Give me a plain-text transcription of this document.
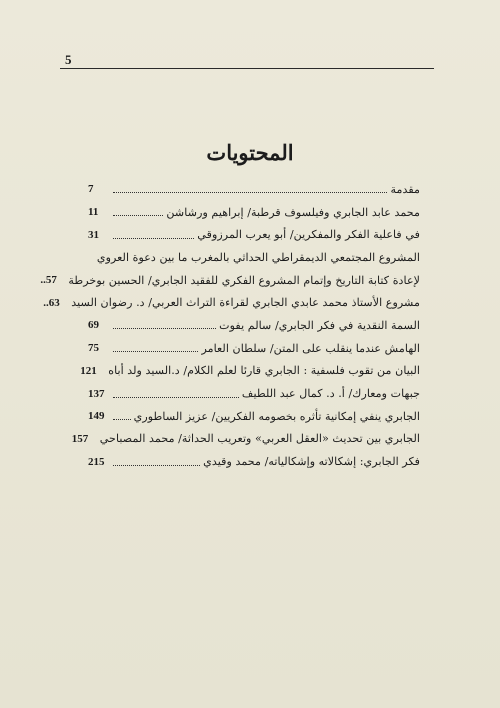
5
المحتويات
مقدمة
7
محمد عابد الجابري وفيلسوف قرطبة/ إبراهيم ورشاشن
11
في فاعلية الفكر والمفكرين/ أبو يعرب المرزوقي
31
المشروع المجتمعي الديمقراطي الحداثي بالمغرب ما بين دعوة العروي
لإعادة كتابة التاريخ وإتمام المشروع الفكري للفقيد الجابري/ الحسين بوخرطة
..57
مشروع الأستاذ محمد عابدي الجابري لقراءة التراث العربي/ د. رضوان السيد
..63
السمة النقدية في فكر الجابري/ سالم يفوت
69
الهامش عندما ينقلب على المتن/ سلطان العامر
75
البيان من تقوب فلسفية : الجابري قارئا لعلم الكلام/ د.السيد ولد أباه
121
جبهات ومعارك/ أ. د. كمال عبد اللطيف
137
الجابري ينفي إمكانية تأثره بخصومه الفكريين/ عزيز الساطوري
149
الجابري بين تحديث «العقل العربي» وتعريب الحداثة/ محمد المصباحي
157
فكر الجابري: إشكالاته وإشكالياته/ محمد وقيدي
215
